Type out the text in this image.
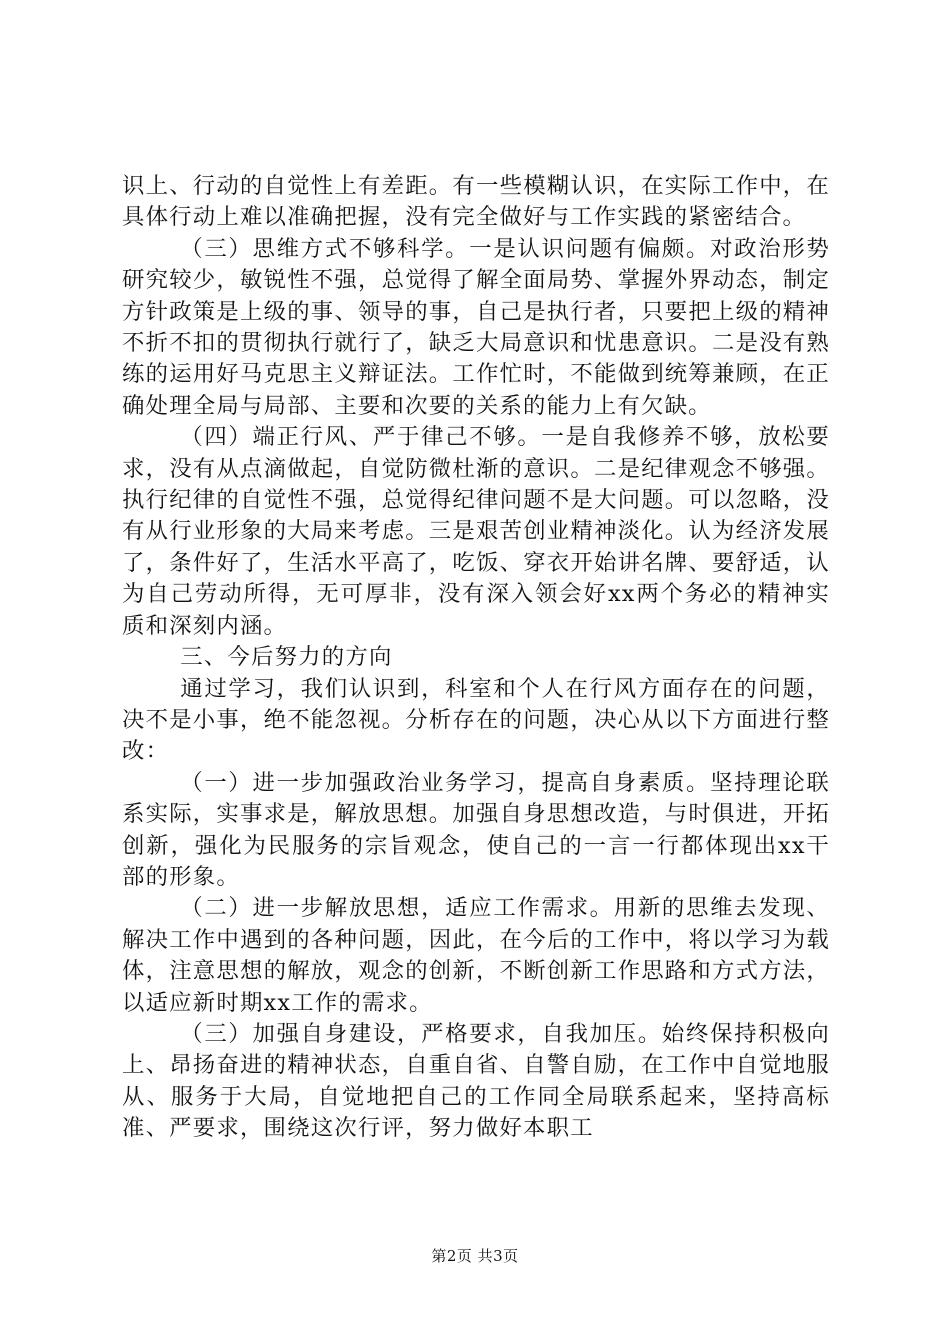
识上、行动的自觉性上有差距。有一些模糊认识，在实际工作中，在具体行动上难以准确把握，没有完全做好与工作实践的紧密结合。

（三）思维方式不够科学。一是认识问题有偏颇。对政治形势研究较少，敏锐性不强，总觉得了解全面局势、掌握外界动态，制定方针政策是上级的事、领导的事，自己是执行者，只要把上级的精神不折不扣的贯彻执行就行了，缺乏大局意识和忧患意识。二是没有熟练的运用好马克思主义辩证法。工作忙时，不能做到统筹兼顾，在正确处理全局与局部、主要和次要的关系的能力上有欠缺。

（四）端正行风、严于律己不够。一是自我修养不够，放松要求，没有从点滴做起，自觉防微杜渐的意识。二是纪律观念不够强。执行纪律的自觉性不强，总觉得纪律问题不是大问题。可以忽略，没有从行业形象的大局来考虑。三是艰苦创业精神淡化。认为经济发展了，条件好了，生活水平高了，吃饭、穿衣开始讲名牌、要舒适，认为自己劳动所得，无可厚非，没有深入领会好xx两个务必的精神实质和深刻内涵。

三、今后努力的方向

通过学习，我们认识到，科室和个人在行风方面存在的问题，决不是小事，绝不能忽视。分析存在的问题，决心从以下方面进行整改：

（一）进一步加强政治业务学习，提高自身素质。坚持理论联系实际，实事求是，解放思想。加强自身思想改造，与时俱进，开拓创新，强化为民服务的宗旨观念，使自己的一言一行都体现出xx干部的形象。

（二）进一步解放思想，适应工作需求。用新的思维去发现、解决工作中遇到的各种问题，因此，在今后的工作中，将以学习为载体，注意思想的解放，观念的创新，不断创新工作思路和方式方法，以适应新时期xx工作的需求。

（三）加强自身建设，严格要求，自我加压。始终保持积极向上、昂扬奋进的精神状态，自重自省、自警自励，在工作中自觉地服从、服务于大局，自觉地把自己的工作同全局联系起来，坚持高标准、严要求，围绕这次行评，努力做好本职工

第2页 共3页
